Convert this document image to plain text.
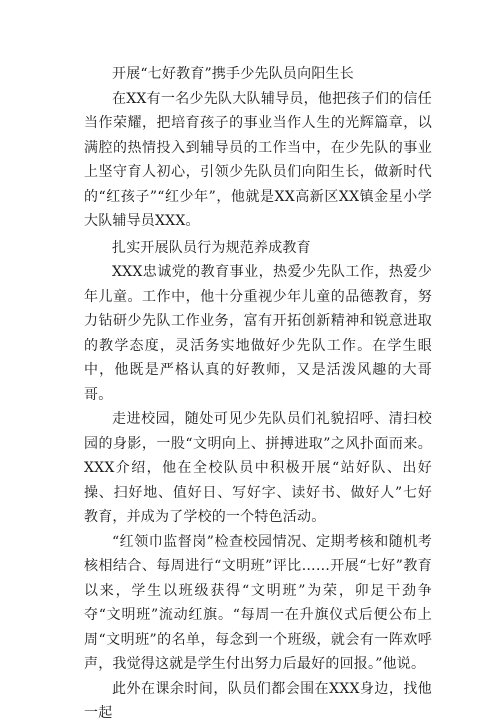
开展“七好教育”携手少先队员向阳生长

在XX有一名少先队大队辅导员，他把孩子们的信任当作荣耀，把培育孩子的事业当作人生的光辉篇章，以满腔的热情投入到辅导员的工作当中，在少先队的事业上坚守育人初心，引领少先队员们向阳生长，做新时代的“红孩子”“红少年”，他就是XX高新区XX镇金星小学大队辅导员XXX。

扎实开展队员行为规范养成教育

XXX忠诚党的教育事业，热爱少先队工作，热爱少年儿童。工作中，他十分重视少年儿童的品德教育，努力钻研少先队工作业务，富有开拓创新精神和锐意进取的教学态度，灵活务实地做好少先队工作。在学生眼中，他既是严格认真的好教师，又是活泼风趣的大哥哥。

走进校园，随处可见少先队员们礼貌招呼、清扫校园的身影，一股“文明向上、拼搏进取”之风扑面而来。XXX介绍，他在全校队员中积极开展“站好队、出好操、扫好地、值好日、写好字、读好书、做好人”七好教育，并成为了学校的一个特色活动。

“红领巾监督岗”检查校园情况、定期考核和随机考核相结合、每周进行“文明班”评比……开展“七好”教育以来，学生以班级获得“文明班”为荣，卯足干劲争夺“文明班”流动红旗。“每周一在升旗仪式后便公布上周“文明班”的名单，每念到一个班级，就会有一阵欢呼声，我觉得这就是学生付出努力后最好的回报。”他说。

此外在课余时间，队员们都会围在XXX身边，找他一起
